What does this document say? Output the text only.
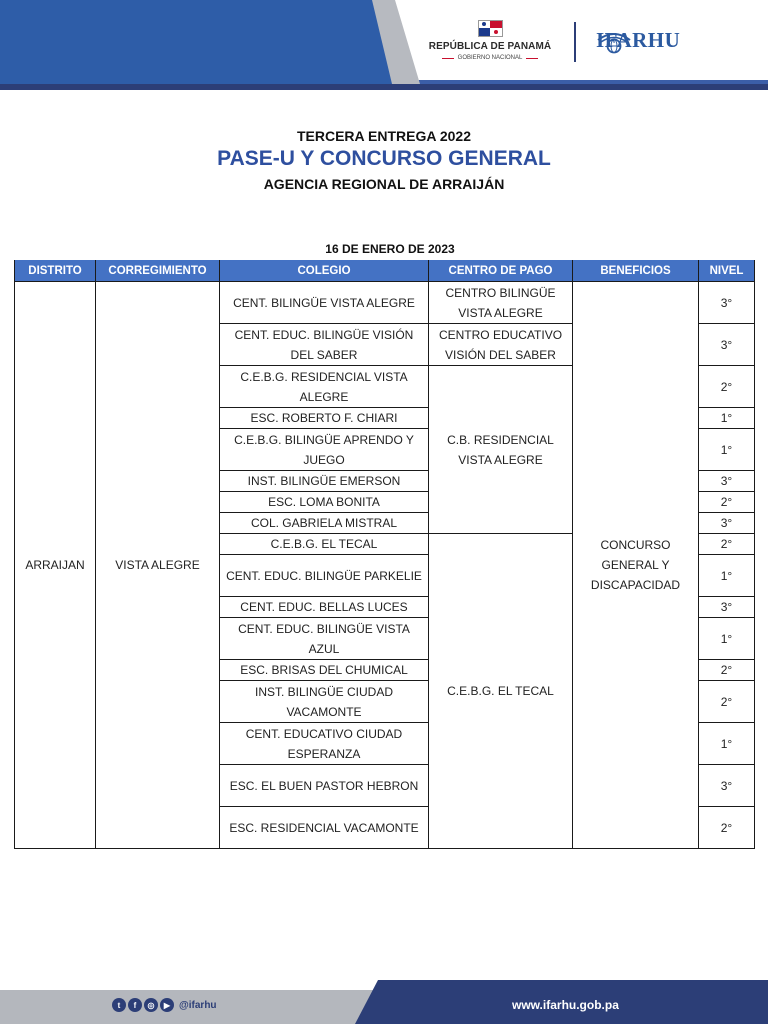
REPÚBLICA DE PANAMÁ
GOBIERNO NACIONAL
IFARHU
TERCERA ENTREGA 2022
PASE-U Y CONCURSO GENERAL
AGENCIA REGIONAL DE ARRAIJÁN
16 DE ENERO DE 2023
DISTRITO	CORREGIMIENTO	COLEGIO	CENTRO DE PAGO	BENEFICIOS	NIVEL
ARRAIJAN	VISTA ALEGRE	CENT. BILINGÜE VISTA ALEGRE	CENTRO BILINGÜE VISTA ALEGRE	CONCURSO GENERAL Y DISCAPACIDAD	3°
		CENT. EDUC. BILINGÜE VISIÓN DEL SABER	CENTRO EDUCATIVO VISIÓN DEL SABER		3°
		C.E.B.G. RESIDENCIAL VISTA ALEGRE	C.B. RESIDENCIAL VISTA ALEGRE		2°
		ESC. ROBERTO F. CHIARI			1°
		C.E.B.G. BILINGÜE APRENDO Y JUEGO			1°
		INST. BILINGÜE EMERSON			3°
		ESC. LOMA BONITA			2°
		COL. GABRIELA MISTRAL			3°
		C.E.B.G. EL TECAL	C.E.B.G. EL TECAL		2°
		CENT. EDUC. BILINGÜE PARKELIE			1°
		CENT. EDUC. BELLAS LUCES			3°
		CENT. EDUC. BILINGÜE VISTA AZUL			1°
		ESC. BRISAS DEL CHUMICAL			2°
		INST. BILINGÜE CIUDAD VACAMONTE			2°
		CENT. EDUCATIVO CIUDAD ESPERANZA			1°
		ESC. EL BUEN PASTOR HEBRON			3°
		ESC. RESIDENCIAL VACAMONTE			2°
t	f	◎	▶ @ifarhu	www.ifarhu.gob.pa
